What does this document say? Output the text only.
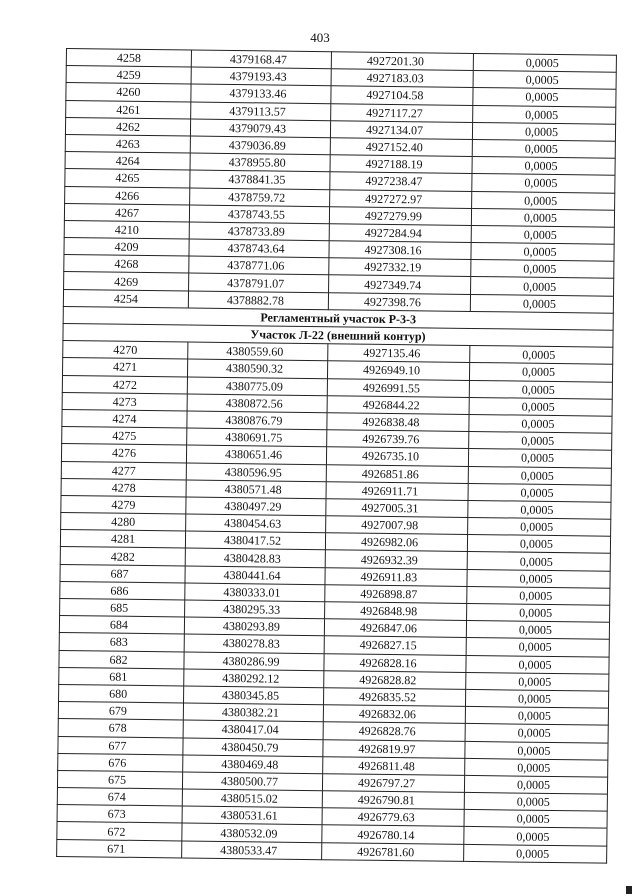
403
4258	4379168.47	4927201.30	0,0005
4259	4379193.43	4927183.03	0,0005
4260	4379133.46	4927104.58	0,0005
4261	4379113.57	4927117.27	0,0005
4262	4379079.43	4927134.07	0,0005
4263	4379036.89	4927152.40	0,0005
4264	4378955.80	4927188.19	0,0005
4265	4378841.35	4927238.47	0,0005
4266	4378759.72	4927272.97	0,0005
4267	4378743.55	4927279.99	0,0005
4210	4378733.89	4927284.94	0,0005
4209	4378743.64	4927308.16	0,0005
4268	4378771.06	4927332.19	0,0005
4269	4378791.07	4927349.74	0,0005
4254	4378882.78	4927398.76	0,0005
Регламентный участок Р-3-3			
Участок Л-22 (внешний контур)			
4270	4380559.60	4927135.46	0,0005
4271	4380590.32	4926949.10	0,0005
4272	4380775.09	4926991.55	0,0005
4273	4380872.56	4926844.22	0,0005
4274	4380876.79	4926838.48	0,0005
4275	4380691.75	4926739.76	0,0005
4276	4380651.46	4926735.10	0,0005
4277	4380596.95	4926851.86	0,0005
4278	4380571.48	4926911.71	0,0005
4279	4380497.29	4927005.31	0,0005
4280	4380454.63	4927007.98	0,0005
4281	4380417.52	4926982.06	0,0005
4282	4380428.83	4926932.39	0,0005
687	4380441.64	4926911.83	0,0005
686	4380333.01	4926898.87	0,0005
685	4380295.33	4926848.98	0,0005
684	4380293.89	4926847.06	0,0005
683	4380278.83	4926827.15	0,0005
682	4380286.99	4926828.16	0,0005
681	4380292.12	4926828.82	0,0005
680	4380345.85	4926835.52	0,0005
679	4380382.21	4926832.06	0,0005
678	4380417.04	4926828.76	0,0005
677	4380450.79	4926819.97	0,0005
676	4380469.48	4926811.48	0,0005
675	4380500.77	4926797.27	0,0005
674	4380515.02	4926790.81	0,0005
673	4380531.61	4926779.63	0,0005
672	4380532.09	4926780.14	0,0005
671	4380533.47	4926781.60	0,0005
